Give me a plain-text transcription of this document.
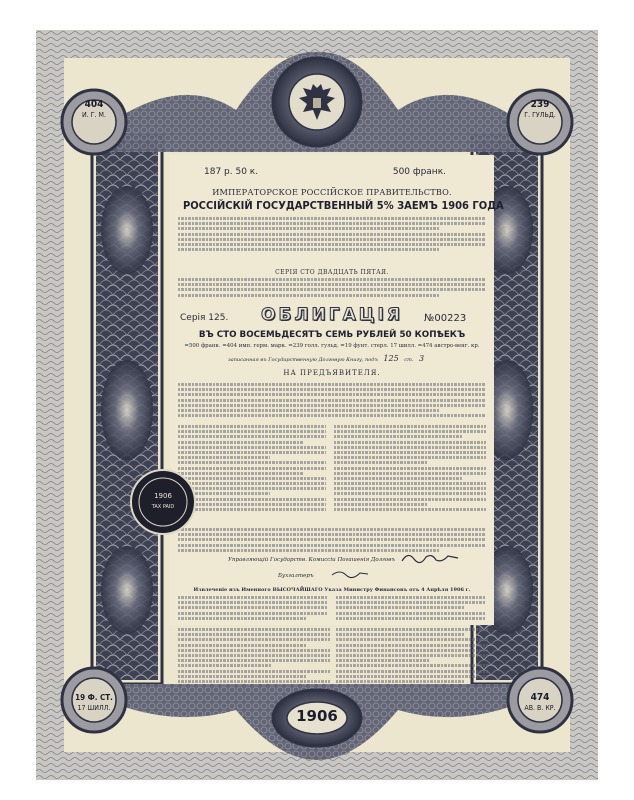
404
И. Г. М.
239
Г. ГУЛЬД.
19 Ф. СТ.
17 ШИЛЛ.
474
АВ. В. КР.
1906
187 р. 50 к.	500 франк.
ИМПЕРАТОРСКОЕ РОССІЙСКОЕ ПРАВИТЕЛЬСТВО.
РОССІЙСКІЙ ГОСУДАРСТВЕННЫЙ 5% ЗАЕМЪ 1906 ГОДА
СЕРІЯ СТО ДВАДЦАТЬ ПЯТАЯ.
Серія 125.	ОБЛИГАЦІЯ	№00223
ВЪ СТО ВОСЕМЬДЕСЯТЪ СЕМЬ РУБЛЕЙ 50 КОПѢЕКЪ
=500 франк. =404 имп. герм. марк. =239 голл. гульд. =19 фунт. стерл. 17 шилл. =474 австро-венг. кр.
записанная въ Государственную Долговую Книгу, подъ 125 ст. 3
НА ПРЕДЪЯВИТЕЛЯ.
Управляющій Государств. Комиссіи Погашенія Долговъ
Бухгалтеръ
Извлеченіе изъ Именного ВЫСОЧАЙШАГО Указа Министру Финансовъ отъ 4 Апрѣля 1906 г.
1906
TAX PAID
